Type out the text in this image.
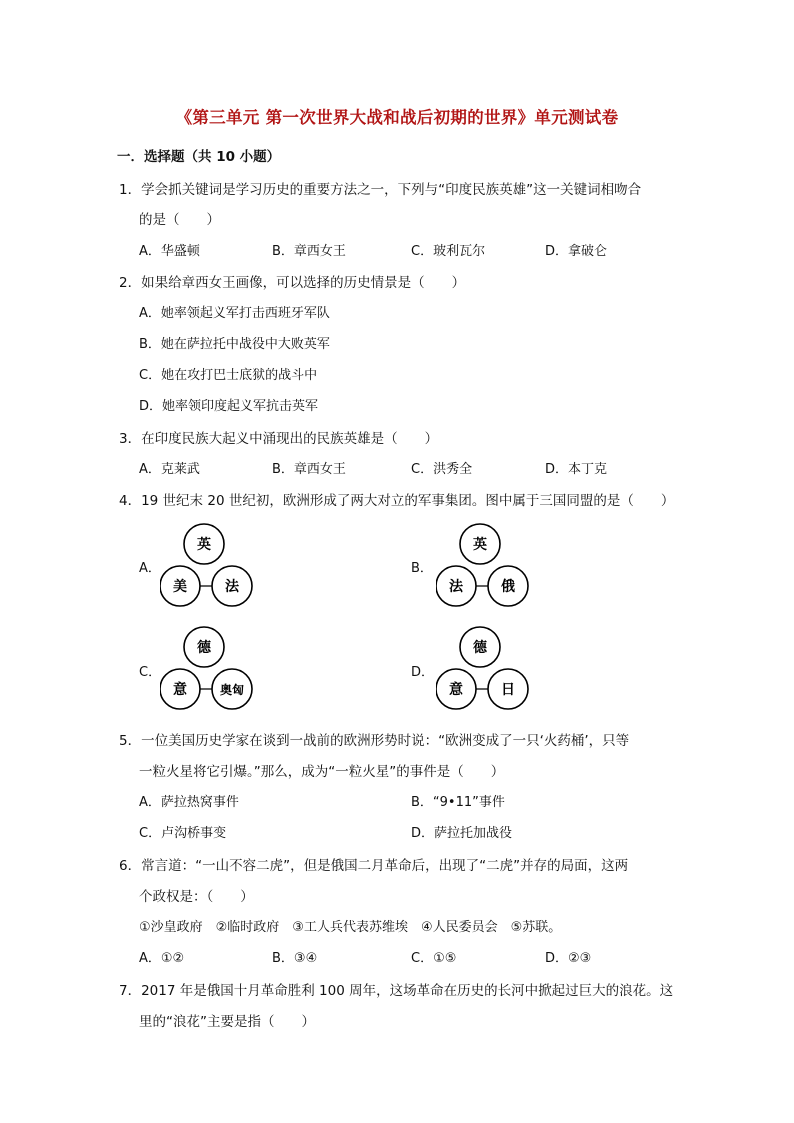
《第三单元 第一次世界大战和战后初期的世界》单元测试卷
一．选择题（共 10 小题）
1．学会抓关键词是学习历史的重要方法之一，下列与“印度民族英雄”这一关键词相吻合
的是（　　）
A．华盛顿	B．章西女王	C．玻利瓦尔	D．拿破仑
2．如果给章西女王画像，可以选择的历史情景是（　　）
A．她率领起义军打击西班牙军队
B．她在萨拉托中战役中大败英军
C．她在攻打巴士底狱的战斗中
D．她率领印度起义军抗击英军
3．在印度民族大起义中涌现出的民族英雄是（　　）
A．克莱武	B．章西女王	C．洪秀全	D．本丁克
4．19 世纪末 20 世纪初，欧洲形成了两大对立的军事集团。图中属于三国同盟的是（　　）
A．
英
美	法
B．
英
法	俄
C．
德
意	奥匈
D．
德
意	日
5．一位美国历史学家在谈到一战前的欧洲形势时说：“欧洲变成了一只‘火药桶’，只等
一粒火星将它引爆。”那么，成为“一粒火星”的事件是（　　）
A．萨拉热窝事件	B．“9•11”事件
C．卢沟桥事变	D．萨拉托加战役
6．常言道：“一山不容二虎”，但是俄国二月革命后，出现了“二虎”并存的局面，这两
个政权是：（　　）
①沙皇政府　②临时政府　③工人兵代表苏维埃　④人民委员会　⑤苏联。
A．①②	B．③④	C．①⑤	D．②③
7．2017 年是俄国十月革命胜利 100 周年，这场革命在历史的长河中掀起过巨大的浪花。这
里的“浪花”主要是指（　　）
